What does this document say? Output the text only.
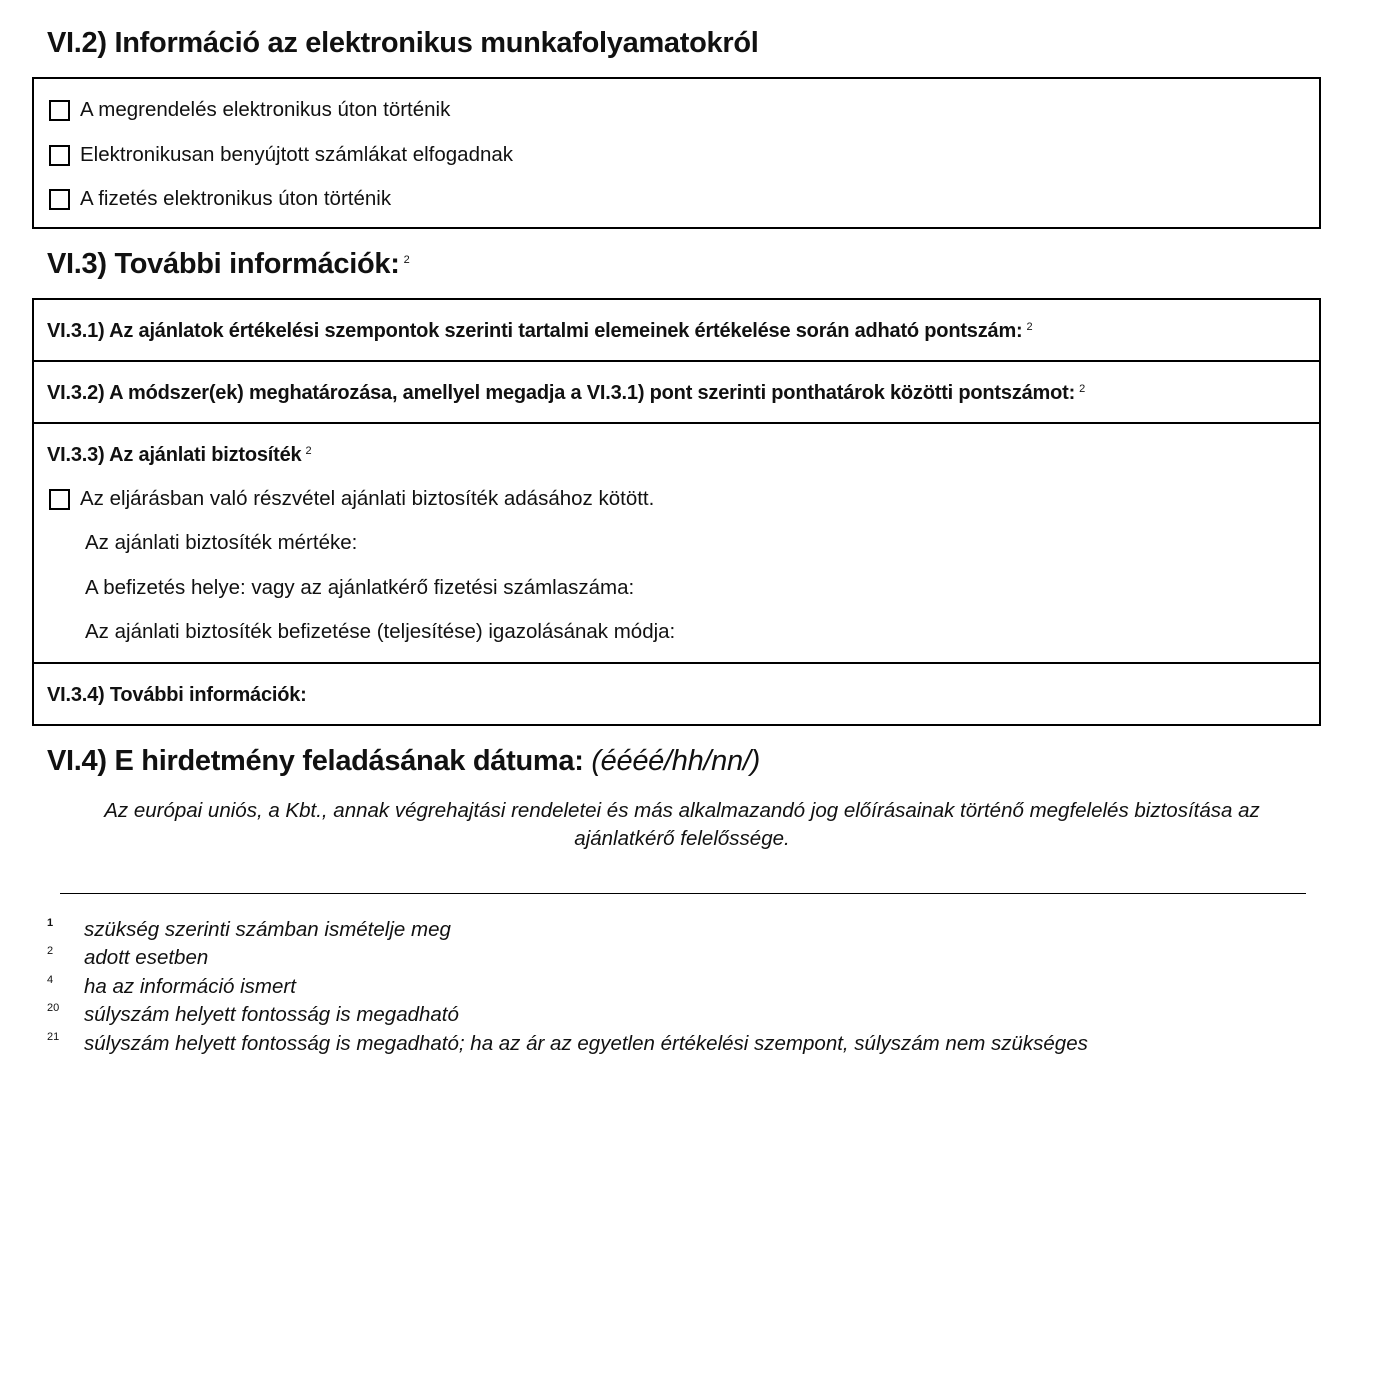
VI.2) Információ az elektronikus munkafolyamatokról
A megrendelés elektronikus úton történik
Elektronikusan benyújtott számlákat elfogadnak
A fizetés elektronikus úton történik
VI.3) További információk: $^2$
VI.3.1) Az ajánlatok értékelési szempontok szerinti tartalmi elemeinek értékelése során adható pontszám: $^2$
VI.3.2) A módszer(ek) meghatározása, amellyel megadja a VI.3.1) pont szerinti ponthatárok közötti pontszámot: $^2$
VI.3.3) Az ajánlati biztosíték $^2$
Az eljárásban való részvétel ajánlati biztosíték adásához kötött.
Az ajánlati biztosíték mértéke:
A befizetés helye: vagy az ajánlatkérő fizetési számlaszáma:
Az ajánlati biztosíték befizetése (teljesítése) igazolásának módja:
VI.3.4) További információk:
VI.4) E hirdetmény feladásának dátuma: (éééé/hh/nn/)
Az európai uniós, a Kbt., annak végrehajtási rendeletei és más alkalmazandó jog előírásainak történő megfelelés biztosítása az ajánlatkérő felelőssége.
1 szükség szerinti számban ismételje meg
2 adott esetben
4 ha az információ ismert
20 súlyszám helyett fontosság is megadható
21 súlyszám helyett fontosság is megadható; ha az ár az egyetlen értékelési szempont, súlyszám nem szükséges
